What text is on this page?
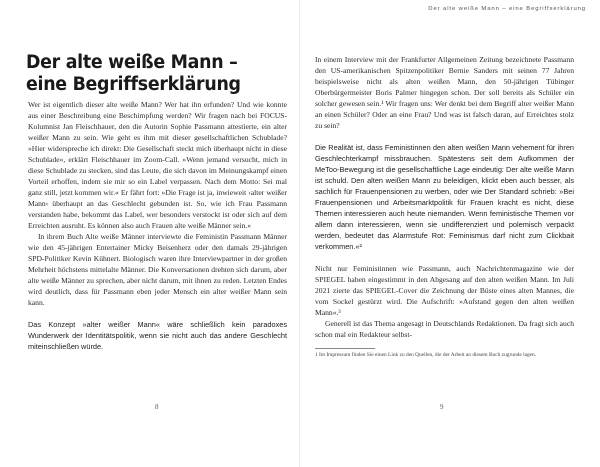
Der alte weiße Mann – eine Begriffserklärung

Wer ist eigentlich dieser alte weiße Mann? Wer hat ihn erfunden? Und wie konnte aus einer Beschreibung eine Beschimpfung werden? Wir fragen nach bei FOCUS-Kolumnist Jan Fleischhauer, den die Autorin Sophie Passmann attestierte, ein alter weißer Mann zu sein. Wie geht es ihm mit dieser gesellschaftlichen Schublade? »Hier widerspreche ich direkt: Die Gesellschaft steckt mich überhaupt nicht in diese Schublade«, erklärt Fleischhauer im Zoom-Call. »Wenn jemand versucht, mich in diese Schublade zu stecken, sind das Leute, die sich davon im Meinungskampf einen Vorteil erhoffen, indem sie mir so ein Label verpassen. Nach dem Motto: Sei mal ganz still, jetzt kommen wir.« Er fährt fort: »Die Frage ist ja, inwieweit ›alter weißer Mann‹ überhaupt an das Geschlecht gebunden ist. So, wie ich Frau Passmann verstanden habe, bekommt das Label, wer besonders verstockt ist oder sich auf dem Erreichten ausruht. Es können also auch Frauen alte weiße Männer sein.«

In ihrem Buch Alte weiße Männer interviewte die Feministin Passmann Männer wie den 45-jährigen Entertainer Micky Beisenherz oder den damals 29-jährigen SPD-Politiker Kevin Kühnert. Biologisch waren ihre Interviewpartner in der großen Mehrheit höchstens mittelalte Männer. Die Konversationen drehten sich darum, aber alte weiße Männer zu sprechen, aber nicht darum, mit ihnen zu reden. Letzten Endes wird deutlich, dass für Passmann eben jeder Mensch ein alter weißer Mann sein kann.

Das Konzept »alter weißer Mann« wäre schließlich kein paradoxes Wunderwerk der Identitätspolitik, wenn sie nicht auch das andere Geschlecht miteinschließen würde.

8
Der alte weiße Mann – eine Begriffserklärung

In einem Interview mit der Frankfurter Allgemeinen Zeitung bezeichnete Passmann den US-amerikanischen Spitzenpolitiker Bernie Sanders mit seinen 77 Jahren beispielsweise nicht als alten weißen Mann, den 50-jährigen Tübinger Oberbürgermeister Boris Palmer hingegen schon. Der soll bereits als Schüler ein solcher gewesen sein.¹ Wir fragen uns: Wer denkt bei dem Begriff alter weißer Mann an einen Schüler? Oder an eine Frau? Und was ist falsch daran, auf Erreichtes stolz zu sein?

Die Realität ist, dass Feministinnen den alten weißen Mann vehement für ihren Geschlechterkampf missbrauchen. Spätestens seit dem Aufkommen der MeToo-Bewegung ist die gesellschaftliche Lage eindeutig: Der alte weiße Mann ist schuld. Den alten weißen Mann zu beleidigen, klickt eben auch besser, als sachlich für Frauenpensionen zu werben, oder wie Der Standard schrieb: »Bei Frauenpensionen und Arbeitsmarktpolitik für Frauen kracht es nicht, diese Themen interessieren auch heute niemanden. Wenn feministische Themen vor allem dann interessieren, wenn sie undifferenziert und polemisch verpackt werden, bedeutet das Alarmstufe Rot: Feminismus darf nicht zum Clickbait verkommen.«²

Nicht nur Feministinnen wie Passmann, auch Nachrichtenmagazine wie der SPIEGEL haben eingestimmt in den Abgesang auf den alten weißen Mann. Im Juli 2021 zierte das SPIEGEL-Cover die Zeichnung der Büste eines alten Mannes, die vom Sockel gestürzt wird. Die Aufschrift: »Aufstand gegen den alten weißen Mann«.³

Generell ist das Thema angesagt in Deutschlands Redaktionen. Da fragt sich auch schon mal ein Redakteur selbst-

1 Im Impressum finden Sie einen Link zu den Quellen, die der Arbeit an diesem Buch zugrunde lagen.

9
